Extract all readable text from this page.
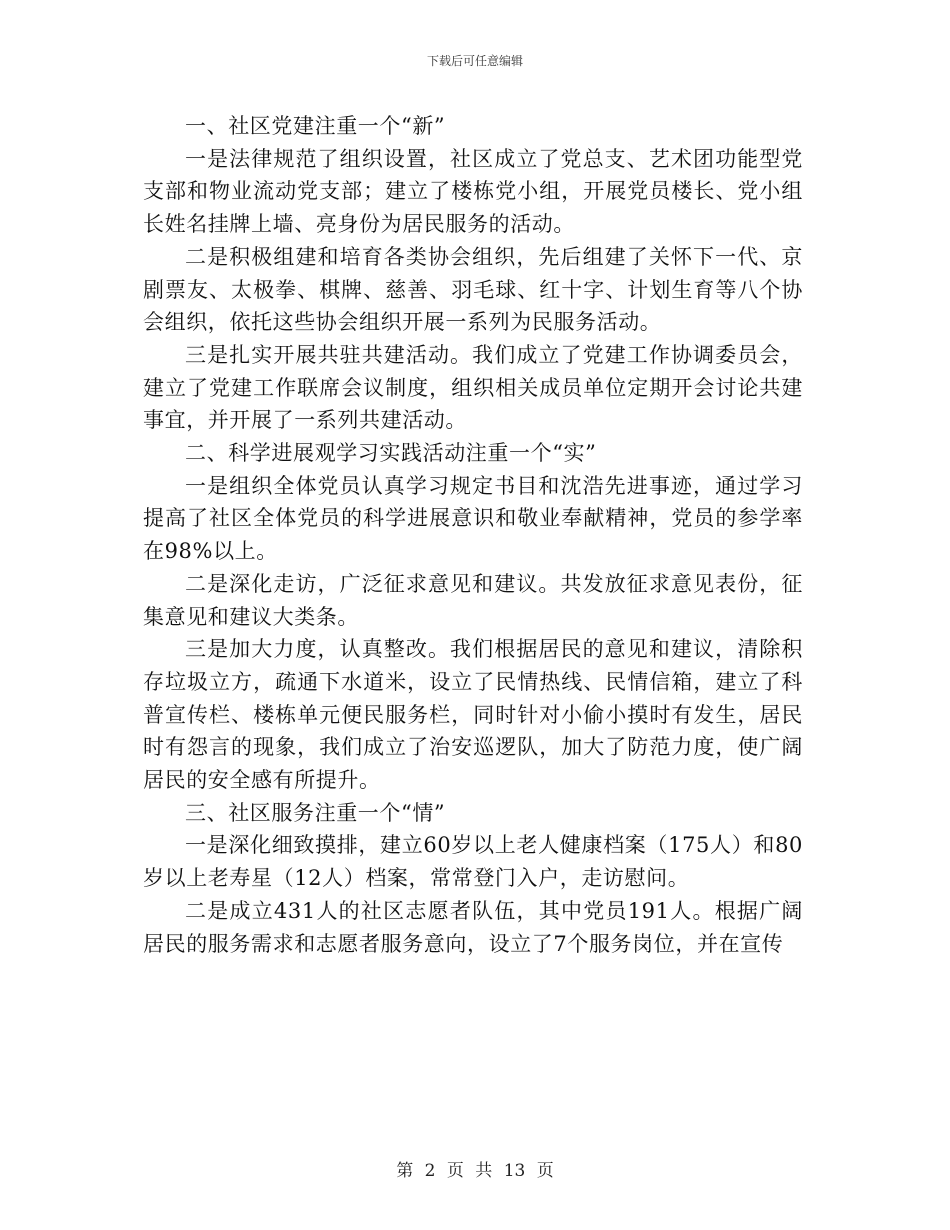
下载后可任意编辑

一、社区党建注重一个“新”

一是法律规范了组织设置，社区成立了党总支、艺术团功能型党支部和物业流动党支部；建立了楼栋党小组，开展党员楼长、党小组长姓名挂牌上墙、亮身份为居民服务的活动。

二是积极组建和培育各类协会组织，先后组建了关怀下一代、京剧票友、太极拳、棋牌、慈善、羽毛球、红十字、计划生育等八个协会组织，依托这些协会组织开展一系列为民服务活动。

三是扎实开展共驻共建活动。我们成立了党建工作协调委员会，建立了党建工作联席会议制度，组织相关成员单位定期开会讨论共建事宜，并开展了一系列共建活动。

二、科学进展观学习实践活动注重一个“实”

一是组织全体党员认真学习规定书目和沈浩先进事迹，通过学习提高了社区全体党员的科学进展意识和敬业奉献精神，党员的参学率在98%以上。

二是深化走访，广泛征求意见和建议。共发放征求意见表份，征集意见和建议大类条。

三是加大力度，认真整改。我们根据居民的意见和建议，清除积存垃圾立方，疏通下水道米，设立了民情热线、民情信箱，建立了科普宣传栏、楼栋单元便民服务栏，同时针对小偷小摸时有发生，居民时有怨言的现象，我们成立了治安巡逻队，加大了防范力度，使广阔居民的安全感有所提升。

三、社区服务注重一个“情”

一是深化细致摸排，建立60岁以上老人健康档案（175人）和80岁以上老寿星（12人）档案，常常登门入户，走访慰问。

二是成立431人的社区志愿者队伍，其中党员191人。根据广阔居民的服务需求和志愿者服务意向，设立了7个服务岗位，并在宣传

第 2 页 共 13 页
